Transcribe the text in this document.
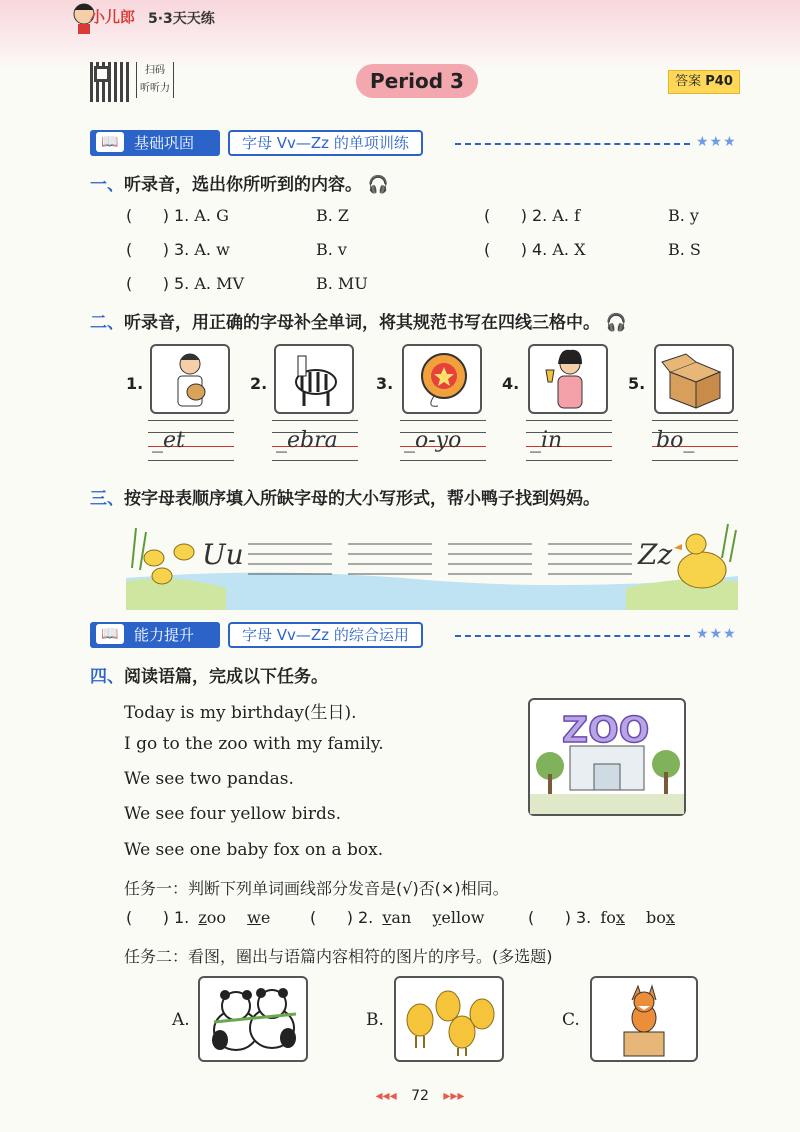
小儿郎 5·3天天练
扫码
听听力	Period 3	答案 P40
📖	基础巩固	字母 Vv—Zz 的单项训练	★★★
一、听录音，选出你所听到的内容。 🎧
(      ) 1. A. G	B. Z	(      ) 2. A. f	B. y
(      ) 3. A. w	B. v	(      ) 4. A. X	B. S
(      ) 5. A. MV	B. MU
二、听录音，用正确的字母补全单词，将其规范书写在四线三格中。 🎧
1.
_et
2.
_ebra
3.
_o-yo
4.
_in
5.
bo_
三、按字母表顺序填入所缺字母的大小写形式，帮小鸭子找到妈妈。
Uu	Zz
📖	能力提升	字母 Vv—Zz 的综合运用	★★★
四、阅读语篇，完成以下任务。
Today is my birthday(生日).
I go to the zoo with my family.
We see two pandas.
We see four yellow birds.
We see one baby fox on a box.
ZOO
任务一：判断下列单词画线部分发音是(√)否(×)相同。
(      ) 1. zoo we (      ) 2. van yellow	(      ) 3. fox box
任务二：看图，圈出与语篇内容相符的图片的序号。(多选题)
A.	B.	C.
◂◂◂ 72 ▸▸▸
